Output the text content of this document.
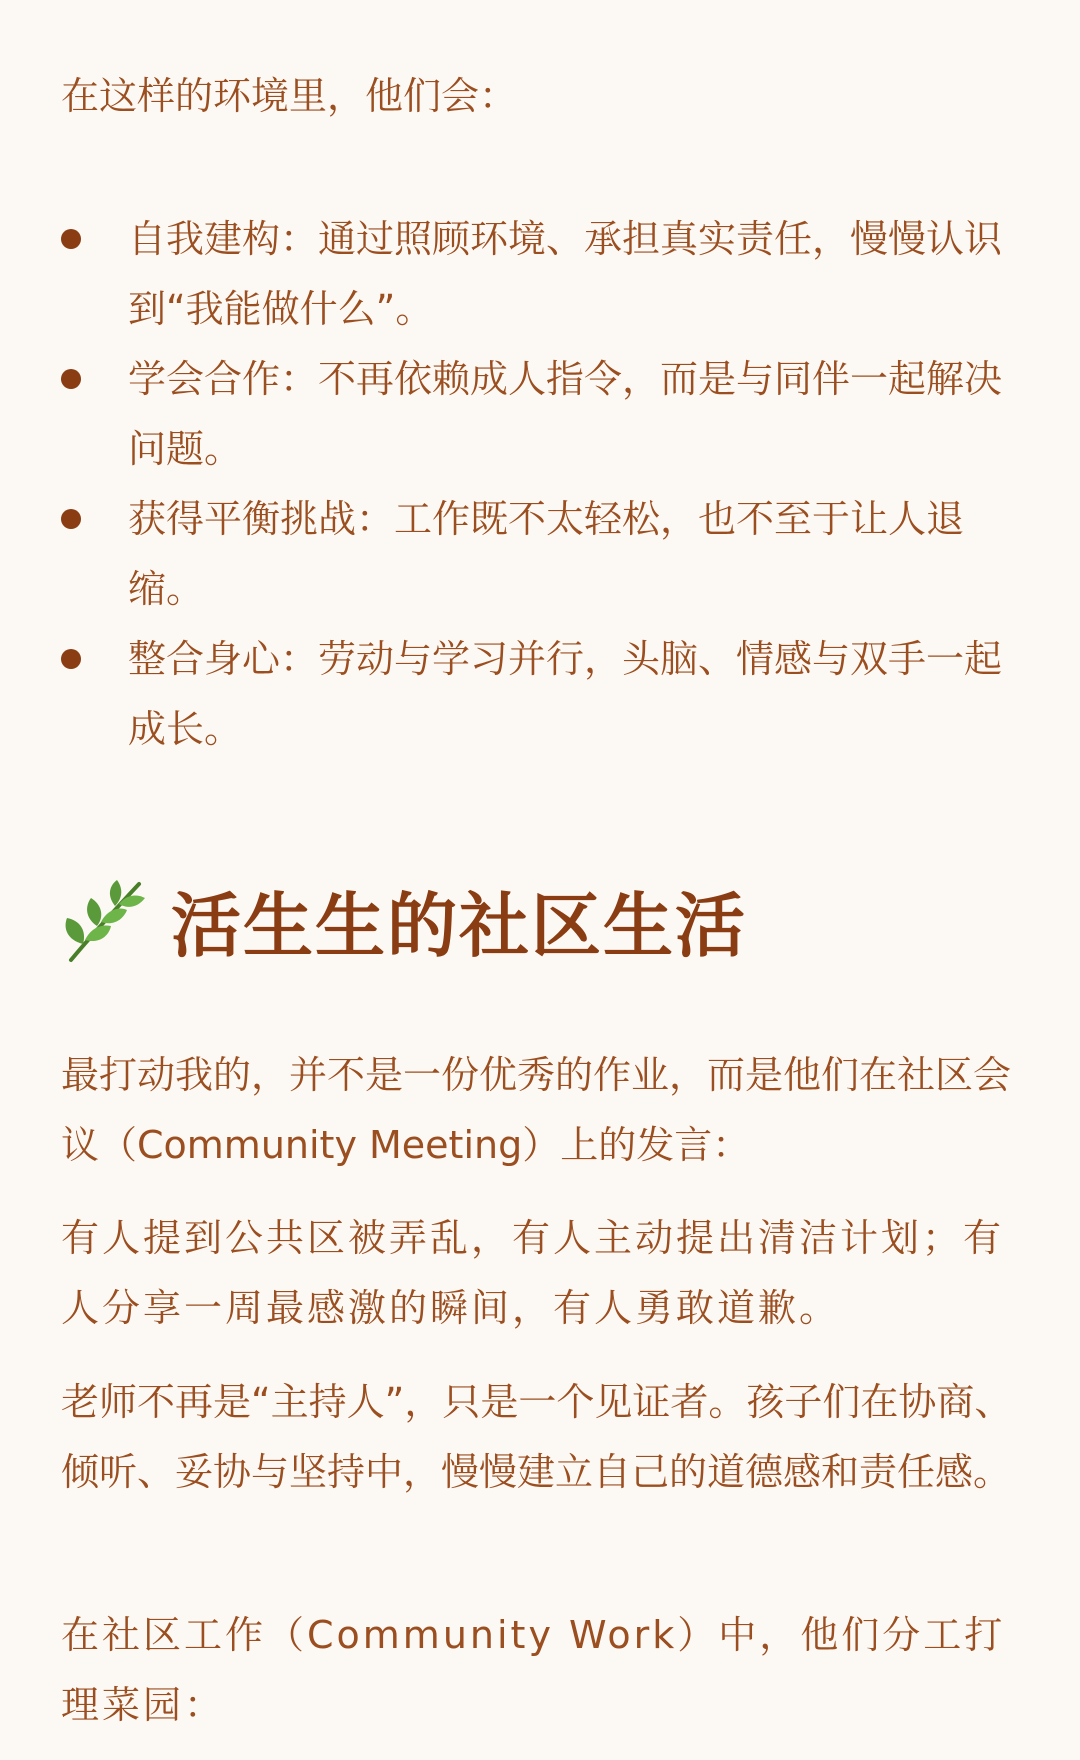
在这样的环境里，他们会：

自我建构：通过照顾环境、承担真实责任，慢慢认识到“我能做什么”。
学会合作：不再依赖成人指令，而是与同伴一起解决问题。
获得平衡挑战：工作既不太轻松，也不至于让人退缩。
整合身心：劳动与学习并行，头脑、情感与双手一起成长。
活生生的社区生活

最打动我的，并不是一份优秀的作业，而是他们在社区会议（Community Meeting）上的发言：

有人提到公共区被弄乱，有人主动提出清洁计划；有人分享一周最感激的瞬间，有人勇敢道歉。

老师不再是“主持人”，只是一个见证者。孩子们在协商、倾听、妥协与坚持中，慢慢建立自己的道德感和责任感。

在社区工作（Community Work）中，他们分工打理菜园：
